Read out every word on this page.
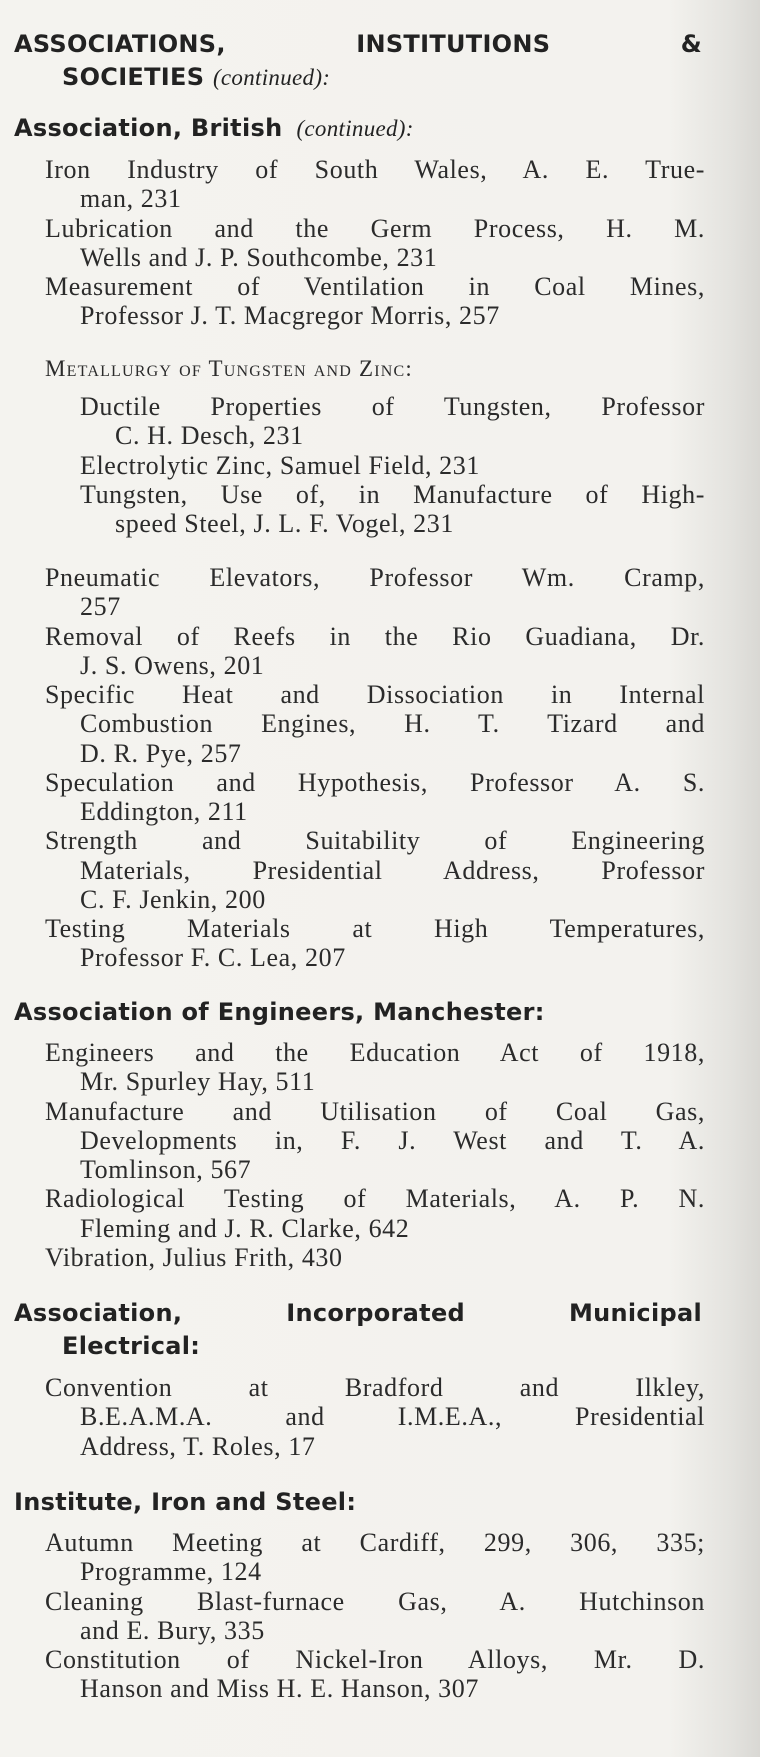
ASSOCIATIONS, INSTITUTIONS &
SOCIETIES (continued):
Association, British (continued):
Iron Industry of South Wales, A. E. True-
man, 231
Lubrication and the Germ Process, H. M.
Wells and J. P. Southcombe, 231
Measurement of Ventilation in Coal Mines,
Professor J. T. Macgregor Morris, 257
Metallurgy of Tungsten and Zinc:
Ductile Properties of Tungsten, Professor
C. H. Desch, 231
Electrolytic Zinc, Samuel Field, 231
Tungsten, Use of, in Manufacture of High-
speed Steel, J. L. F. Vogel, 231
Pneumatic Elevators, Professor Wm. Cramp,
257
Removal of Reefs in the Rio Guadiana, Dr.
J. S. Owens, 201
Specific Heat and Dissociation in Internal
Combustion Engines, H. T. Tizard and
D. R. Pye, 257
Speculation and Hypothesis, Professor A. S.
Eddington, 211
Strength and Suitability of Engineering
Materials, Presidential Address, Professor
C. F. Jenkin, 200
Testing Materials at High Temperatures,
Professor F. C. Lea, 207
Association of Engineers, Manchester:
Engineers and the Education Act of 1918,
Mr. Spurley Hay, 511
Manufacture and Utilisation of Coal Gas,
Developments in, F. J. West and T. A.
Tomlinson, 567
Radiological Testing of Materials, A. P. N.
Fleming and J. R. Clarke, 642
Vibration, Julius Frith, 430
Association, Incorporated Municipal
Electrical:
Convention at Bradford and Ilkley,
B.E.A.M.A. and I.M.E.A., Presidential
Address, T. Roles, 17
Institute, Iron and Steel:
Autumn Meeting at Cardiff, 299, 306, 335;
Programme, 124
Cleaning Blast-furnace Gas, A. Hutchinson
and E. Bury, 335
Constitution of Nickel-Iron Alloys, Mr. D.
Hanson and Miss H. E. Hanson, 307
